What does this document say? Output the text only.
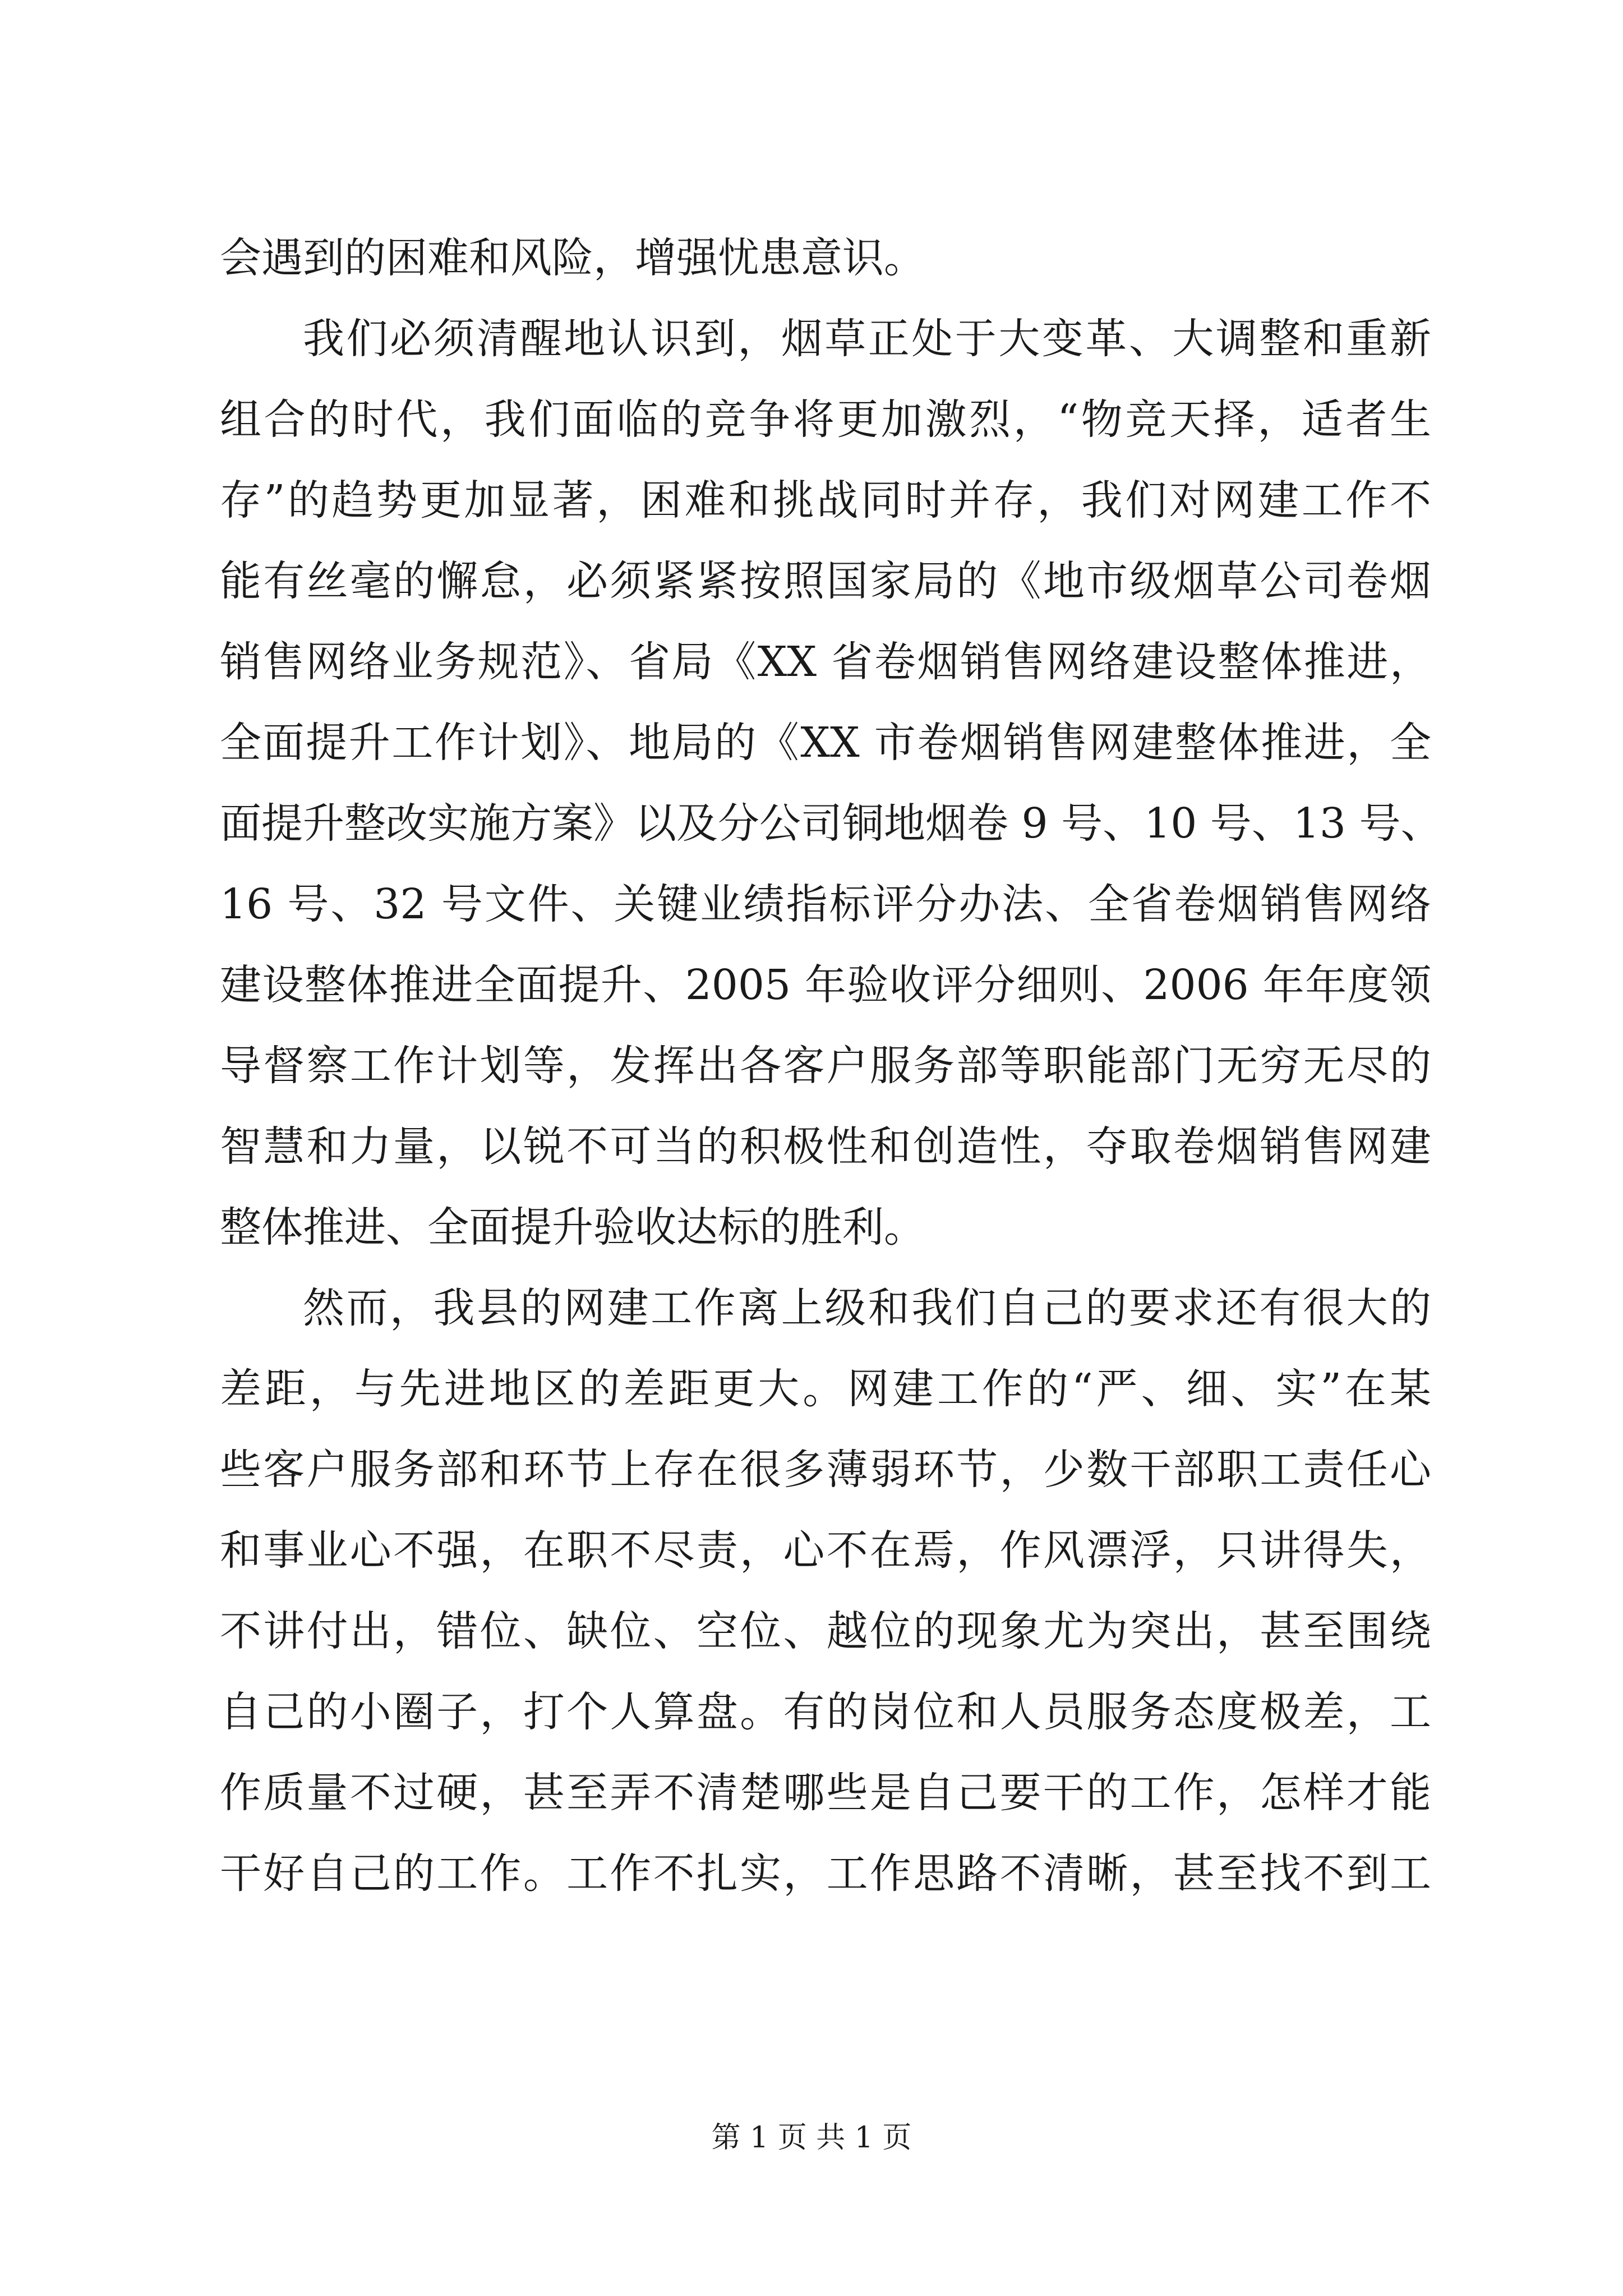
会遇到的困难和风险，增强忧患意识。
我们必须清醒地认识到，烟草正处于大变革、大调整和重新
组合的时代，我们面临的竞争将更加激烈，“物竞天择，适者生
存”的趋势更加显著，困难和挑战同时并存，我们对网建工作不
能有丝毫的懈怠，必须紧紧按照国家局的《地市级烟草公司卷烟
销售网络业务规范》、省局《XX 省卷烟销售网络建设整体推进，
全面提升工作计划》、地局的《XX 市卷烟销售网建整体推进，全
面提升整改实施方案》以及分公司铜地烟卷 9 号、10 号、13 号、
16 号、32 号文件、关键业绩指标评分办法、全省卷烟销售网络
建设整体推进全面提升、2005 年验收评分细则、2006 年年度领
导督察工作计划等，发挥出各客户服务部等职能部门无穷无尽的
智慧和力量，以锐不可当的积极性和创造性，夺取卷烟销售网建
整体推进、全面提升验收达标的胜利。
然而，我县的网建工作离上级和我们自己的要求还有很大的
差距，与先进地区的差距更大。网建工作的“严、细、实”在某
些客户服务部和环节上存在很多薄弱环节，少数干部职工责任心
和事业心不强，在职不尽责，心不在焉，作风漂浮，只讲得失，
不讲付出，错位、缺位、空位、越位的现象尤为突出，甚至围绕
自己的小圈子，打个人算盘。有的岗位和人员服务态度极差，工
作质量不过硬，甚至弄不清楚哪些是自己要干的工作，怎样才能
干好自己的工作。工作不扎实，工作思路不清晰，甚至找不到工
第 1 页 共 1 页
